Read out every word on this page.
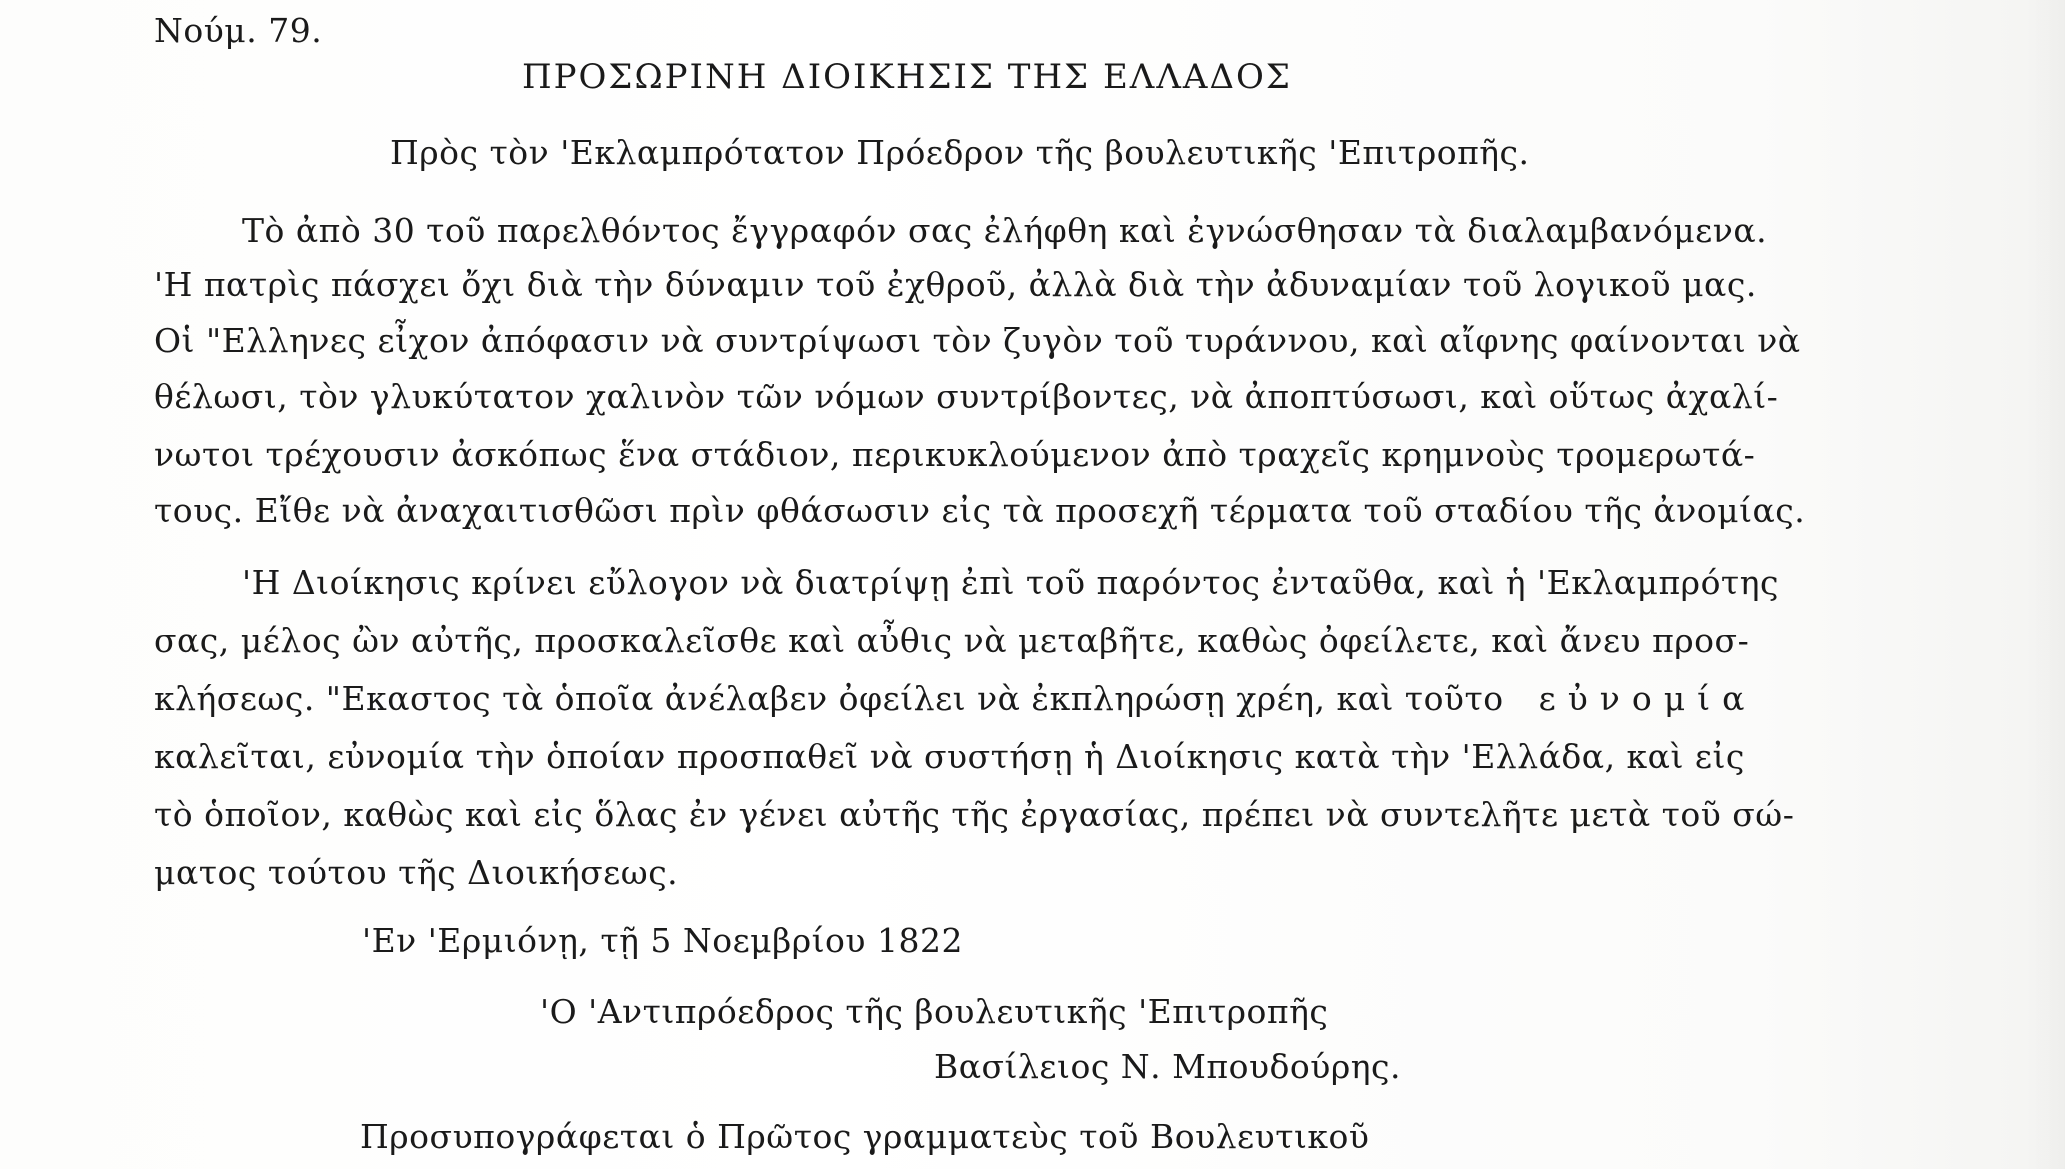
Νούμ. 79.
ΠΡΟΣΩΡΙΝΗ ΔΙΟΙΚΗΣΙΣ ΤΗΣ ΕΛΛΑΔΟΣ
Πρὸς τὸν 'Εκλαμπρότατον Πρόεδρον τῆς βουλευτικῆς 'Επιτροπῆς.
Τὸ ἀπὸ 30 τοῦ παρελθόντος ἔγγραφόν σας ἐλήφθη καὶ ἐγνώσθησαν τὰ διαλαμβανόμενα.
'Η πατρὶς πάσχει ὄχι διὰ τὴν δύναμιν τοῦ ἐχθροῦ, ἀλλὰ διὰ τὴν ἀδυναμίαν τοῦ λογικοῦ μας.
Οἱ "Ελληνες εἶχον ἀπόφασιν νὰ συντρίψωσι τὸν ζυγὸν τοῦ τυράννου, καὶ αἴφνης φαίνονται νὰ
θέλωσι, τὸν γλυκύτατον χαλινὸν τῶν νόμων συντρίβοντες, νὰ ἀποπτύσωσι, καὶ οὕτως ἀχαλί-
νωτοι τρέχουσιν ἀσκόπως ἕνα στάδιον, περικυκλούμενον ἀπὸ τραχεῖς κρημνοὺς τρομερωτά-
τους. Εἴθε νὰ ἀναχαιτισθῶσι πρὶν φθάσωσιν εἰς τὰ προσεχῆ τέρματα τοῦ σταδίου τῆς ἀνομίας.
'Η Διοίκησις κρίνει εὔλογον νὰ διατρίψῃ ἐπὶ τοῦ παρόντος ἐνταῦθα, καὶ ἡ 'Εκλαμπρότης
σας, μέλος ὢν αὐτῆς, προσκαλεῖσθε καὶ αὖθις νὰ μεταβῆτε, καθὼς ὀφείλετε, καὶ ἄνευ προσ-
κλήσεως. "Εκαστος τὰ ὁποῖα ἀνέλαβεν ὀφείλει νὰ ἐκπληρώσῃ χρέη, καὶ τοῦτο εὐνομία
καλεῖται, εὐνομία τὴν ὁποίαν προσπαθεῖ νὰ συστήσῃ ἡ Διοίκησις κατὰ τὴν 'Ελλάδα, καὶ εἰς
τὸ ὁποῖον, καθὼς καὶ εἰς ὅλας ἐν γένει αὐτῆς τῆς ἐργασίας, πρέπει νὰ συντελῆτε μετὰ τοῦ σώ-
ματος τούτου τῆς Διοικήσεως.
'Εν 'Ερμιόνῃ, τῇ 5 Νοεμβρίου 1822
'Ο 'Αντιπρόεδρος τῆς βουλευτικῆς 'Επιτροπῆς
Βασίλειος Ν. Μπουδούρης.
Προσυπογράφεται ὁ Πρῶτος γραμματεὺς τοῦ Βουλευτικοῦ
